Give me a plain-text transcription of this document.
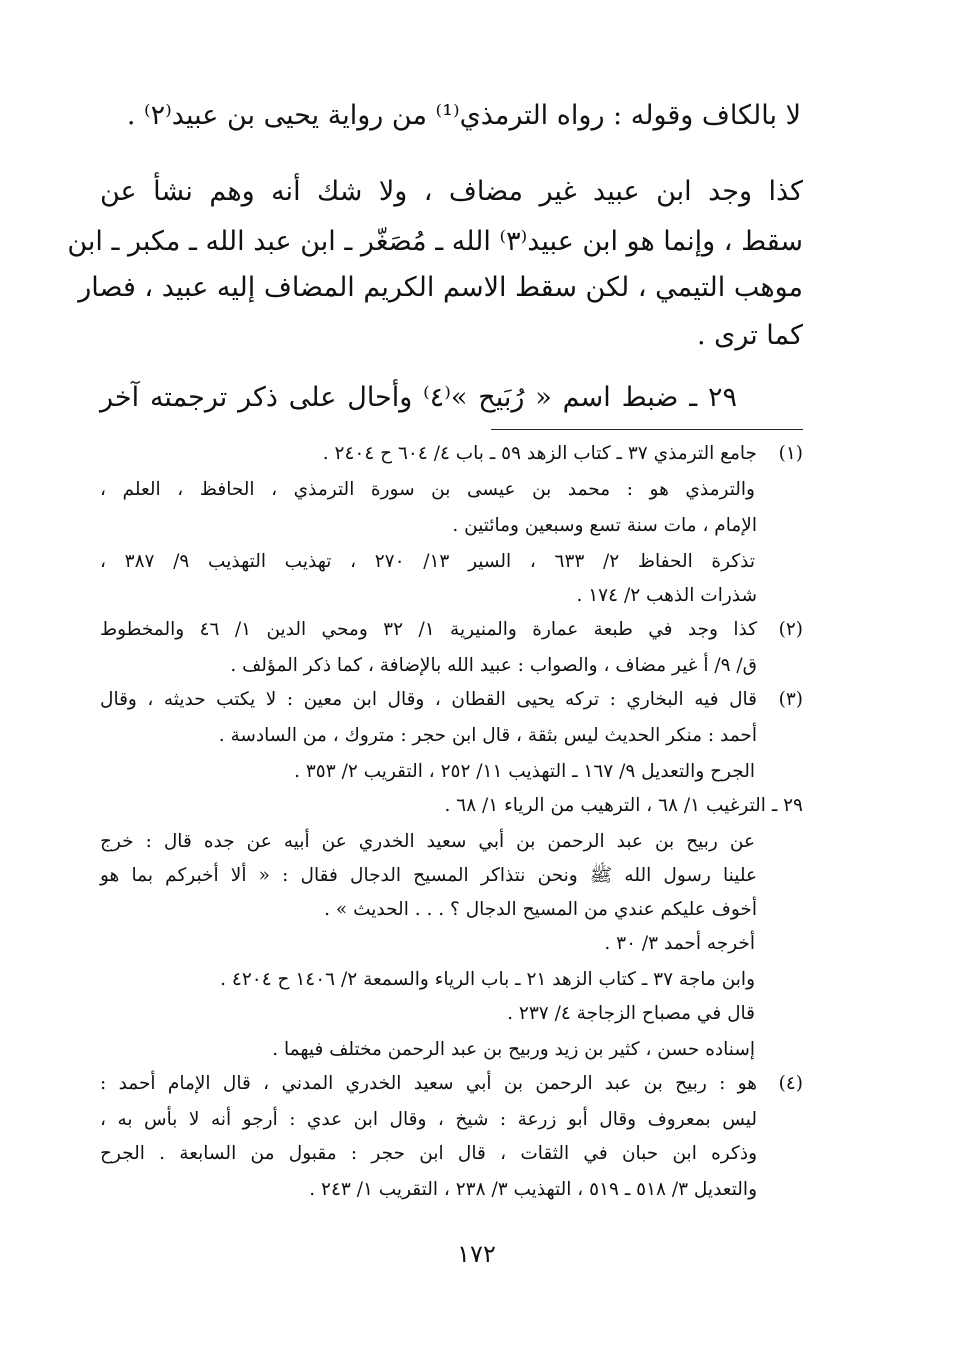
لا بالكاف وقوله : رواه الترمذي⁽¹⁾ من رواية يحيى بن عبيد⁽٢⁾ .
كذا وجد ابن عبيد غير مضاف ، ولا شك أنه وهم نشأ عن
سقط ، وإنما هو ابن عبيد⁽٣⁾ الله ـ مُصَغّر ـ ابن عبد الله ـ مكبر ـ ابن
موهب التيمي ، لكن سقط الاسم الكريم المضاف إليه عبيد ، فصار
كما ترى .
٢٩ ـ ضبط اسم « رُبَيح »⁽٤⁾ وأحال على ذكر ترجمته آخر
(١)
جامع الترمذي ٣٧ ـ كتاب الزهد ٥٩ ـ باب ٤/ ٦٠٤ ح ٢٤٠٤ .
والترمذي هو : محمد بن عيسى بن سورة الترمذي ، الحافظ ، العلم ،
الإمام ، مات سنة تسع وسبعين ومائتين .
تذكرة الحفاظ ٢/ ٦٣٣ ، السير ١٣/ ٢٧٠ ، تهذيب التهذيب ٩/ ٣٨٧ ،
شذرات الذهب ٢/ ١٧٤ .
(٢)
كذا وجد في طبعة عمارة والمنيرية ١/ ٣٢ ومحي الدين ١/ ٤٦ والمخطوط
ق/ ٩/ أ غير مضاف ، والصواب : عبيد الله بالإضافة ، كما ذكر المؤلف .
(٣)
قال فيه البخاري : تركه يحيى القطان ، وقال ابن معين : لا يكتب حديثه ، وقال
أحمد : منكر الحديث ليس بثقة ، قال ابن حجر : متروك ، من السادسة .
الجرح والتعديل ٩/ ١٦٧ ـ التهذيب ١١/ ٢٥٢ ، التقريب ٢/ ٣٥٣ .
٢٩ ـ الترغيب ١/ ٦٨ ، الترهيب من الرياء ١/ ٦٨ .
عن ربيح بن عبد الرحمن بن أبي سعيد الخدري عن أبيه عن جده قال : خرج
علينا رسول الله ﷺ ونحن نتذاكر المسيح الدجال فقال : « ألا أخبركم بما هو
أخوف عليكم عندي من المسيح الدجال ؟ . . . الحديث » .
أخرجه أحمد ٣/ ٣٠ .
وابن ماجة ٣٧ ـ كتاب الزهد ٢١ ـ باب الرياء والسمعة ٢/ ١٤٠٦ ح ٤٢٠٤ .
قال في مصباح الزجاجة ٤/ ٢٣٧ .
إسناده حسن ، كثير بن زيد وربيح بن عبد الرحمن مختلف فيهما .
(٤)
هو : ربيح بن عبد الرحمن بن أبي سعيد الخدري المدني ، قال الإمام أحمد :
ليس بمعروف وقال أبو زرعة : شيخ ، وقال ابن عدي : أرجو أنه لا بأس به ،
وذكره ابن حبان في الثقات ، قال ابن حجر : مقبول من السابعة . الجرح
والتعديل ٣/ ٥١٨ ـ ٥١٩ ، التهذيب ٣/ ٢٣٨ ، التقريب ١/ ٢٤٣ .
١٧٢
